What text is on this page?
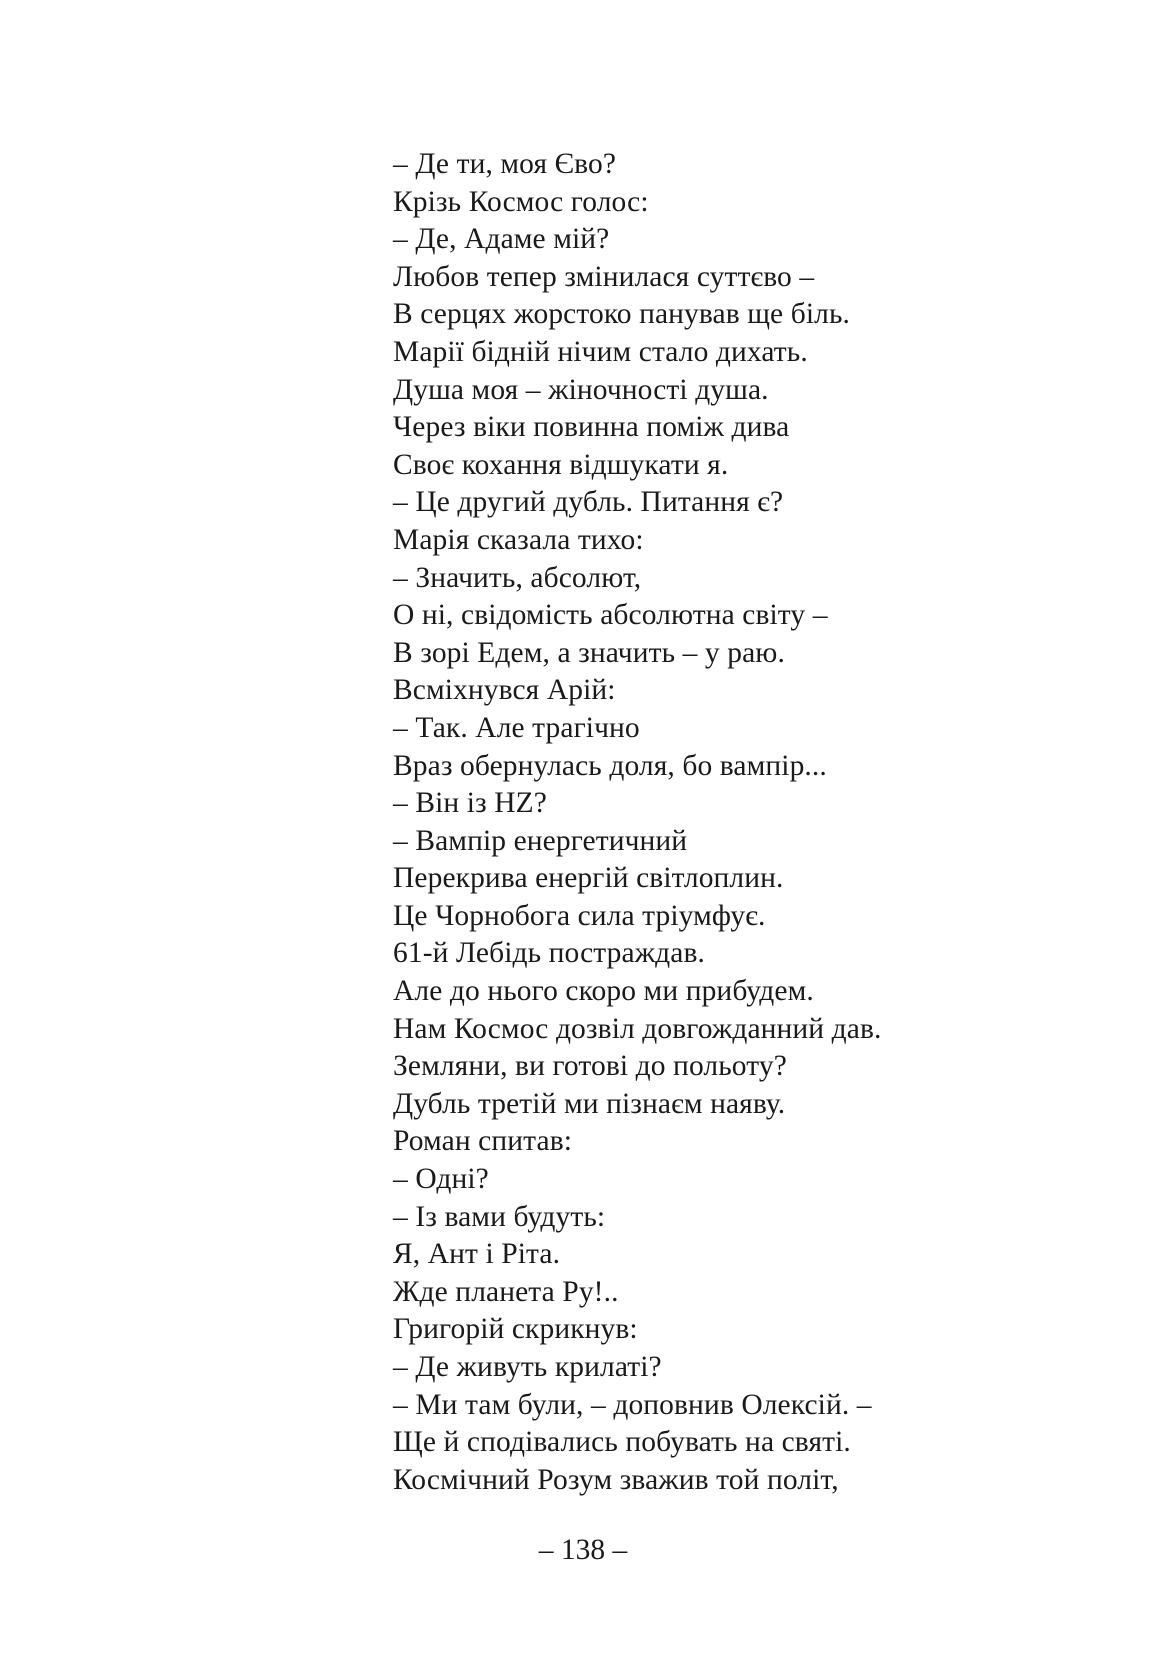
– Де ти, моя Єво?
Крізь Космос голос:
– Де, Адаме мій?
Любов тепер змінилася суттєво –
В серцях жорстоко панував ще біль.
Марії бідній нічим стало дихать.
Душа моя – жіночності душа.
Через віки повинна поміж дива
Своє кохання відшукати я.
– Це другий дубль. Питання є?
Марія сказала тихо:
– Значить, абсолют,
О ні, свідомість абсолютна світу –
В зорі Едем, а значить – у раю.
Всміхнувся Арій:
– Так. Але трагічно
Враз обернулась доля, бо вампір...
– Він із HZ?
– Вампір енергетичний
Перекрива енергій світлоплин.
Це Чорнобога сила тріумфує.
61-й Лебідь постраждав.
Але до нього скоро ми прибудем.
Нам Космос дозвіл довгожданний дав.
Земляни, ви готові до польоту?
Дубль третій ми пізнаєм наяву.
Роман спитав:
– Одні?
– Із вами будуть:
Я, Ант і Ріта.
Жде планета Ру!..
Григорій скрикнув:
– Де живуть крилаті?
– Ми там були, – доповнив Олексій. –
Ще й сподівались побувать на святі.
Космічний Розум зважив той політ,
– 138 –
